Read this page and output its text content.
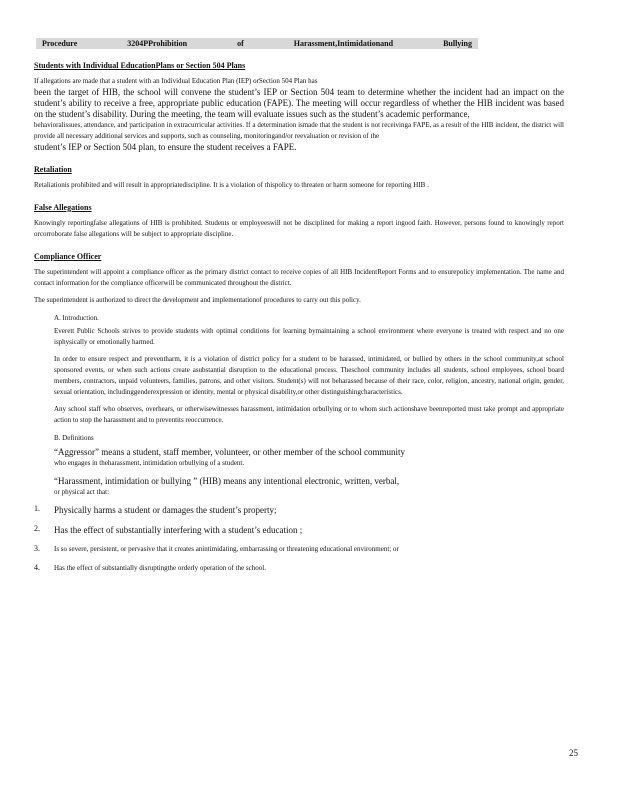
Procedure	3204PProhibition	of	Harassment,Intimidationand	Bullying
Students with Individual EducationPlans or Section 504 Plans

If allegations are made that a student with an Individual Education Plan (IEP) orSection 504 Plan has

been the target of HIB, the school will convene the student’s IEP or Section 504 team to determine whether the incident had an impact on the student’s ability to receive a free, appropriate public education (FAPE). The meeting will occur regardless of whether the HIB incident was based on the student’s disability. During the meeting, the team will evaluate issues such as the student’s academic performance,

behavioralissues, attendance, and participation in extracurricular activities. If a determination ismade that the student is not receivinga FAPE, as a result of the HIB incident, the district will provide all necessary additional services and supports, such as counseling, monitoringand/or reevaluation or revision of the

student’s IEP or Section 504 plan, to ensure the student receives a FAPE.

Retaliation

Retaliationis prohibited and will result in appropriatediscipline. It is a violation of thispolicy to threaten or harm someone for reporting HIB .

False Allegations

Knowingly reportingfalse allegations of HIB is prohibited. Students or employeeswill not be disciplined for making a report ingood faith. However, persons found to knowingly report orcorroborate false allegations will be subject to appropriate discipline.

Compliance Officer

The superintendent will appoint a compliance officer as the primary district contact to receive copies of all HIB IncidentReport Forms and to ensurepolicy implementation. The name and contact information for the compliance officerwill be communicated throughout the district.

The superintendent is authorized to direct the development and implementationof procedures to carry out this policy.

A. Introduction.

Everett Public Schools strives to provide students with optimal conditions for learning bymaintaining a school environment where everyone is treated with respect and no one isphysically or emotionally harmed.

In order to ensure respect and preventharm, it is a violation of district policy for a student to be harassed, intimidated, or bullied by others in the school community,at school sponsored events, or when such actions create asubstantial disruption to the educational process. Theschool community includes all students, school employees, school board members, contractors, unpaid volunteers, families, patrons, and other visitors. Student(s) will not beharassed because of their race, color, religion, ancestry, national origin, gender, sexual orientation, includinggenderexpression or identity, mental or physical disability,or other distinguishingcharacteristics.

Any school staff who observes, overhears, or otherwisewitnesses harassment, intimidation orbullying or to whom such actionshave beenreported must take prompt and appropriate action to stop the harassment and to preventits reoccurrence.

B. Definitions
“Aggressor” means a student, staff member, volunteer, or other member of the school community
who engages in theharassment, intimidation orbullying of a student.
“Harassment, intimidation or bullying ” (HIB) means any intentional electronic, written, verbal,
or physical act that:
1.	Physically harms a student or damages the student’s property;
2.	Has the effect of substantially interfering with a student’s education ;
3.	Is so severe, persistent, or pervasive that it creates anintimidating, embarrassing or threatening educational environment; or
4.	Has the effect of substantially disruptingthe orderly operation of the school.
25
